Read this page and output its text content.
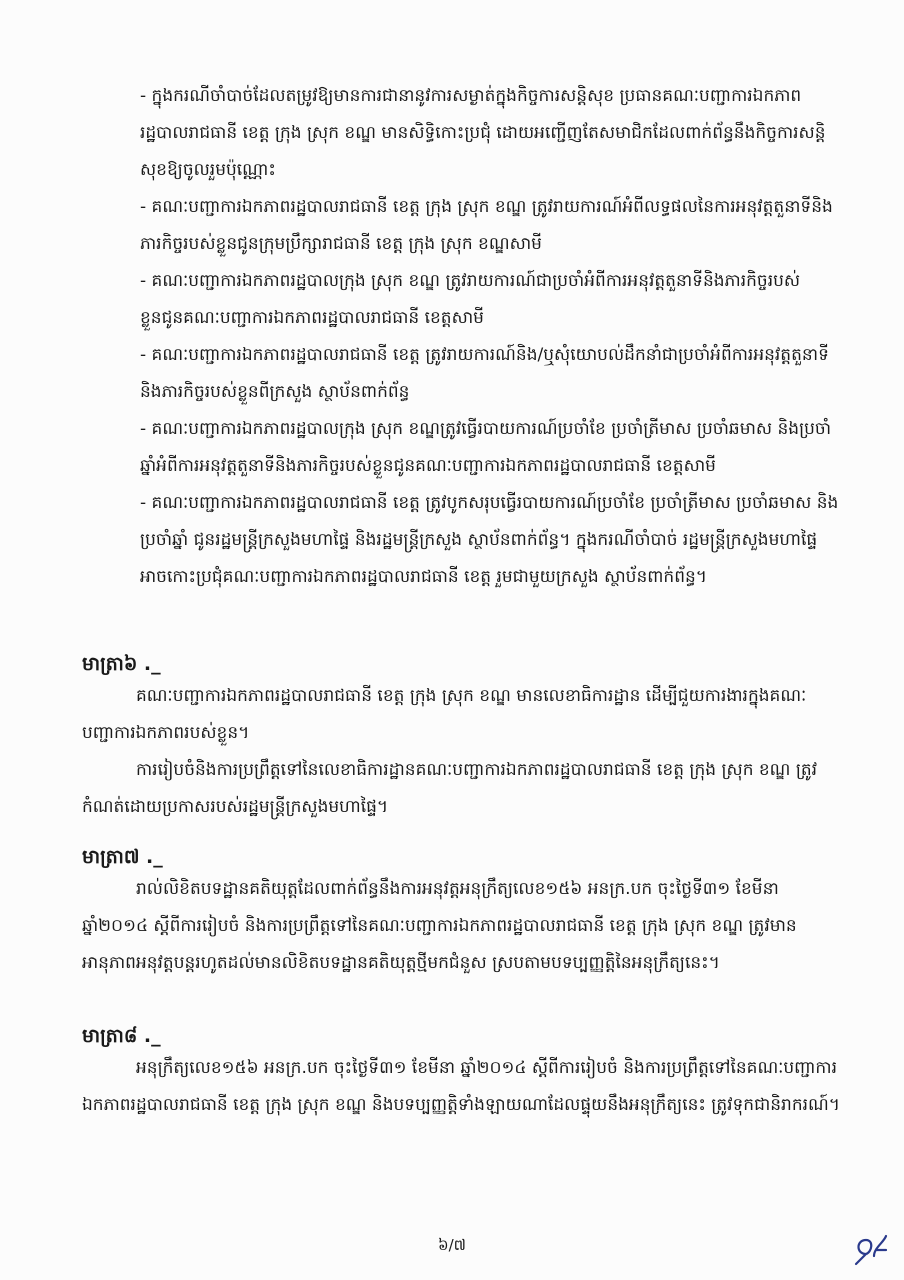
- ក្នុងករណីចាំបាច់ដែលតម្រូវឱ្យមានការជានានូវការសម្ងាត់ក្នុងកិច្ចការសន្តិសុខ ប្រធានគណៈបញ្ជាការឯកភាពរដ្ឋបាលរាជធានី ខេត្ត ក្រុង ស្រុក ខណ្ឌ មានសិទ្ធិកោះប្រជុំ ដោយអញ្ជើញតែសមាជិកដែលពាក់ព័ន្ធនឹងកិច្ចការសន្តិសុខឱ្យចូលរួមប៉ុណ្ណោះ
- គណៈបញ្ជាការឯកភាពរដ្ឋបាលរាជធានី ខេត្ត ក្រុង ស្រុក ខណ្ឌ ត្រូវរាយការណ៍អំពីលទ្ធផលនៃការអនុវត្តតួនាទីនិងភារកិច្ចរបស់ខ្លួនជូនក្រុមប្រឹក្សារាជធានី ខេត្ត ក្រុង ស្រុក ខណ្ឌសាមី
- គណៈបញ្ជាការឯកភាពរដ្ឋបាលក្រុង ស្រុក ខណ្ឌ ត្រូវរាយការណ៍ជាប្រចាំអំពីការអនុវត្តតួនាទីនិងភារកិច្ចរបស់ខ្លួនជូនគណៈបញ្ជាការឯកភាពរដ្ឋបាលរាជធានី ខេត្តសាមី
- គណៈបញ្ជាការឯកភាពរដ្ឋបាលរាជធានី ខេត្ត ត្រូវរាយការណ៍និង/ឬសុំយោបល់ដឹកនាំជាប្រចាំអំពីការអនុវត្តតួនាទីនិងភារកិច្ចរបស់ខ្លួនពីក្រសួង ស្ថាប័នពាក់ព័ន្ធ
- គណៈបញ្ជាការឯកភាពរដ្ឋបាលក្រុង ស្រុក ខណ្ឌត្រូវធ្វើរបាយការណ៍ប្រចាំខែ ប្រចាំត្រីមាស ប្រចាំឆមាស និងប្រចាំឆ្នាំអំពីការអនុវត្តតួនាទីនិងភារកិច្ចរបស់ខ្លួនជូនគណៈបញ្ជាការឯកភាពរដ្ឋបាលរាជធានី ខេត្តសាមី
- គណៈបញ្ជាការឯកភាពរដ្ឋបាលរាជធានី ខេត្ត ត្រូវបូកសរុបធ្វើរបាយការណ៍ប្រចាំខែ ប្រចាំត្រីមាស ប្រចាំឆមាស និងប្រចាំឆ្នាំ ជូនរដ្ឋមន្ត្រីក្រសួងមហាផ្ទៃ និងរដ្ឋមន្ត្រីក្រសួង ស្ថាប័នពាក់ព័ន្ធ។ ក្នុងករណីចាំបាច់ រដ្ឋមន្ត្រីក្រសួងមហាផ្ទៃអាចកោះប្រជុំគណៈបញ្ជាការឯកភាពរដ្ឋបាលរាជធានី ខេត្ត រួមជាមួយក្រសួង ស្ថាប័នពាក់ព័ន្ធ។
មាត្រា៦ ._
គណៈបញ្ជាការឯកភាពរដ្ឋបាលរាជធានី ខេត្ត ក្រុង ស្រុក ខណ្ឌ មានលេខាធិការដ្ឋាន ដើម្បីជួយការងារក្នុងគណៈបញ្ជាការឯកភាពរបស់ខ្លួន។
ការរៀបចំនិងការប្រព្រឹត្តទៅនៃលេខាធិការដ្ឋានគណៈបញ្ជាការឯកភាពរដ្ឋបាលរាជធានី ខេត្ត ក្រុង ស្រុក ខណ្ឌ ត្រូវកំណត់ដោយប្រកាសរបស់រដ្ឋមន្ត្រីក្រសួងមហាផ្ទៃ។
មាត្រា៧ ._
រាល់លិខិតបទដ្ឋានគតិយុត្តដែលពាក់ព័ន្ធនឹងការអនុវត្តអនុក្រឹត្យលេខ១៥៦ អនក្រ.បក ចុះថ្ងៃទី៣១ ខែមីនា ឆ្នាំ២០១៤ ស្តីពីការរៀបចំ និងការប្រព្រឹត្តទៅនៃគណៈបញ្ជាការឯកភាពរដ្ឋបាលរាជធានី ខេត្ត ក្រុង ស្រុក ខណ្ឌ ត្រូវមានអានុភាពអនុវត្តបន្តរហូតដល់មានលិខិតបទដ្ឋានគតិយុត្តថ្មីមកជំនួស ស្របតាមបទប្បញ្ញត្តិនៃអនុក្រឹត្យនេះ។
មាត្រា៨ ._
អនុក្រឹត្យលេខ១៥៦ អនក្រ.បក ចុះថ្ងៃទី៣១ ខែមីនា ឆ្នាំ២០១៤ ស្តីពីការរៀបចំ និងការប្រព្រឹត្តទៅនៃគណៈបញ្ជាការឯកភាពរដ្ឋបាលរាជធានី ខេត្ត ក្រុង ស្រុក ខណ្ឌ និងបទប្បញ្ញត្តិទាំងឡាយណាដែលផ្ទុយនឹងអនុក្រឹត្យនេះ ត្រូវទុកជានិរាករណ៍។
៦/៧
